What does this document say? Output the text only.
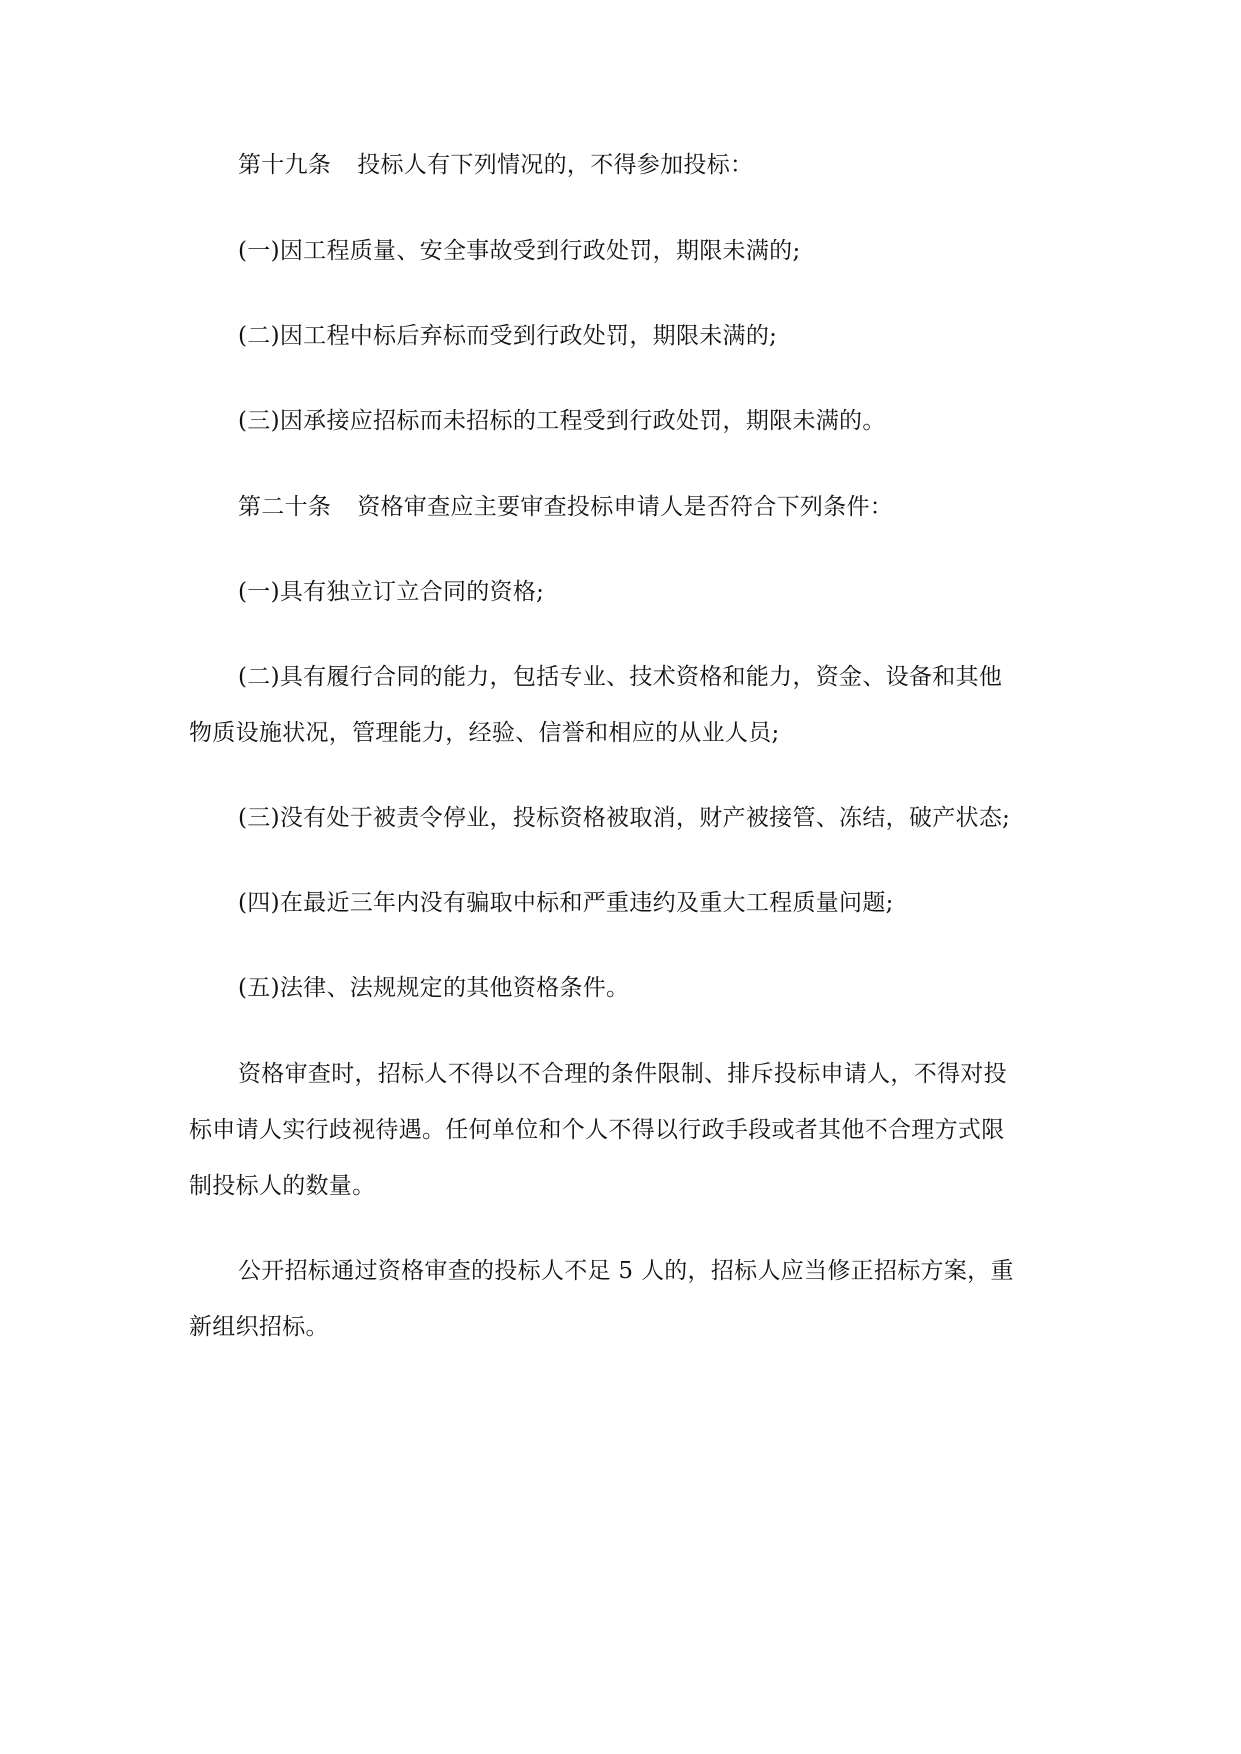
第十九条 投标人有下列情况的，不得参加投标：
(一)因工程质量、安全事故受到行政处罚，期限未满的;
(二)因工程中标后弃标而受到行政处罚，期限未满的;
(三)因承接应招标而未招标的工程受到行政处罚，期限未满的。
第二十条 资格审查应主要审查投标申请人是否符合下列条件：
(一)具有独立订立合同的资格;
(二)具有履行合同的能力，包括专业、技术资格和能力，资金、设备和其他
物质设施状况，管理能力，经验、信誉和相应的从业人员;
(三)没有处于被责令停业，投标资格被取消，财产被接管、冻结，破产状态;
(四)在最近三年内没有骗取中标和严重违约及重大工程质量问题;
(五)法律、法规规定的其他资格条件。
资格审查时，招标人不得以不合理的条件限制、排斥投标申请人，不得对投
标申请人实行歧视待遇。任何单位和个人不得以行政手段或者其他不合理方式限
制投标人的数量。
公开招标通过资格审查的投标人不足 5 人的，招标人应当修正招标方案，重
新组织招标。
